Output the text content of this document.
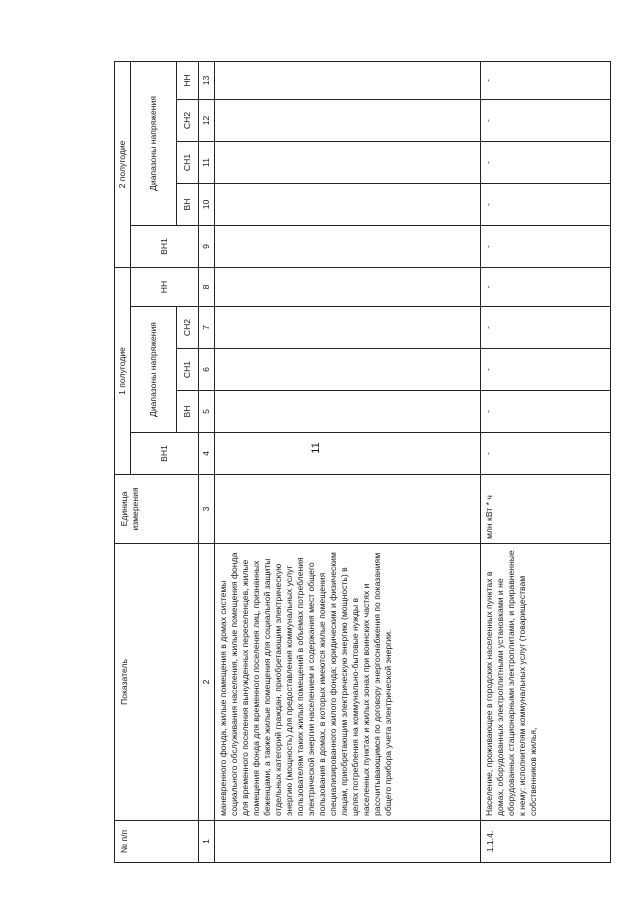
11
№ п/п	Показатель	Единица измерения	1 полугодие					2 полугодие				
			ВН1	Диапазоны напряжения			НН	ВН1	Диапазоны напряжения			
				ВН	СН1	СН2			ВН	СН1	СН2	НН
1	2	3	4	5	6	7	8	9	10	11	12	13
	маневренного фонда, жилые помещения в домах системы социального обслуживания населения, жилые помещения фонда для временного поселения вынужденных переселенцев, жилые помещения фонда для временного поселения лиц, признанных беженцами, а также жилые помещения для социальной защиты отдельных категорий граждан, приобретающим электрическую энергию (мощность) для предоставления коммунальных услуг пользователям таких жилых помещений в объемах потребления электрической энергии населением и содержания мест общего пользования в домах, в которых имеются жилые помещения специализированного жилого фонда; юридическим и физическим лицам, приобретающим электрическую энергию (мощность) в целях потребления на коммунально-бытовые нужды в населенных пунктах и жилых зонах при воинских частях и рассчитывающимся по договору энергоснабжения по показаниям общего прибора учета электрической энергии.											
1.1.4.	Население, проживающее в городских населенных пунктах в домах, оборудованных электроплитными установками и не оборудованных стационарными электроплитами, и приравненные к нему: исполнителям коммунальных услуг (товариществам собственников жилья,	млн кВт * ч	-	-	-	-	-	-	-	-	-	-
